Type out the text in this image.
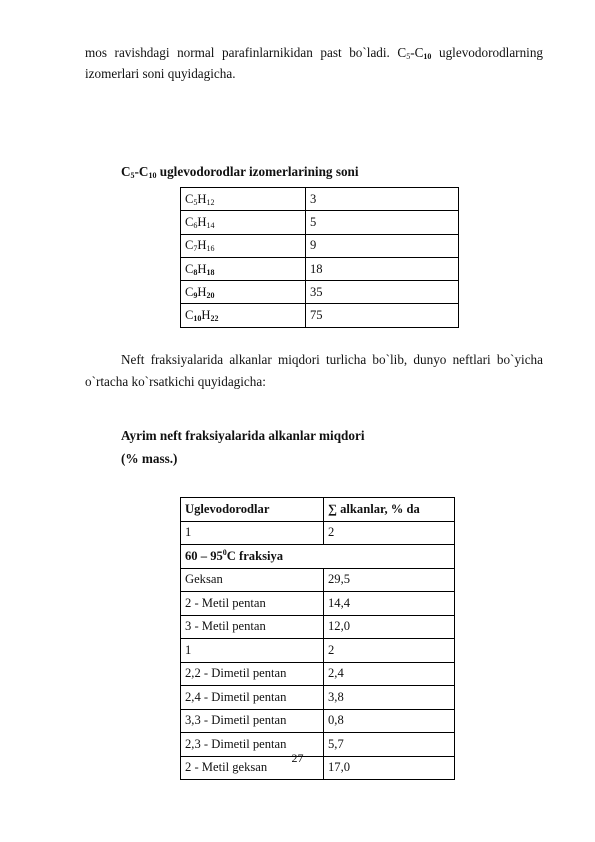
mos ravishdagi normal parafinlarnikidan past bo`ladi. $C_5-C_{10}$ uglevodorodlarning
izomerlari soni quyidagicha.
$C_5-C_{10}$ uglevodorodlar izomerlarining soni
$C_5H_{12}$	3
$C_6H_{14}$	5
$C_7H_{16}$	9
$C_8H_{18}$	18
$C_9H_{20}$	35
$C_{10}H_{22}$	75
Neft fraksiyalarida alkanlar miqdori turlicha bo`lib, dunyo neftlari bo`yicha
o`rtacha ko`rsatkichi quyidagicha:
Ayrim neft fraksiyalarida alkanlar miqdori
(% mass.)
Uglevodorodlar	∑ alkanlar, % da
1	2
$60 - 95^0C$ fraksiya	
Geksan	29,5
2 - Metil pentan	14,4
3 - Metil pentan	12,0
1	2
2,2 - Dimetil pentan	2,4
2,4 - Dimetil pentan	3,8
3,3 - Dimetil pentan	0,8
2,3 - Dimetil pentan	5,7
2 - Metil geksan	17,0
27
